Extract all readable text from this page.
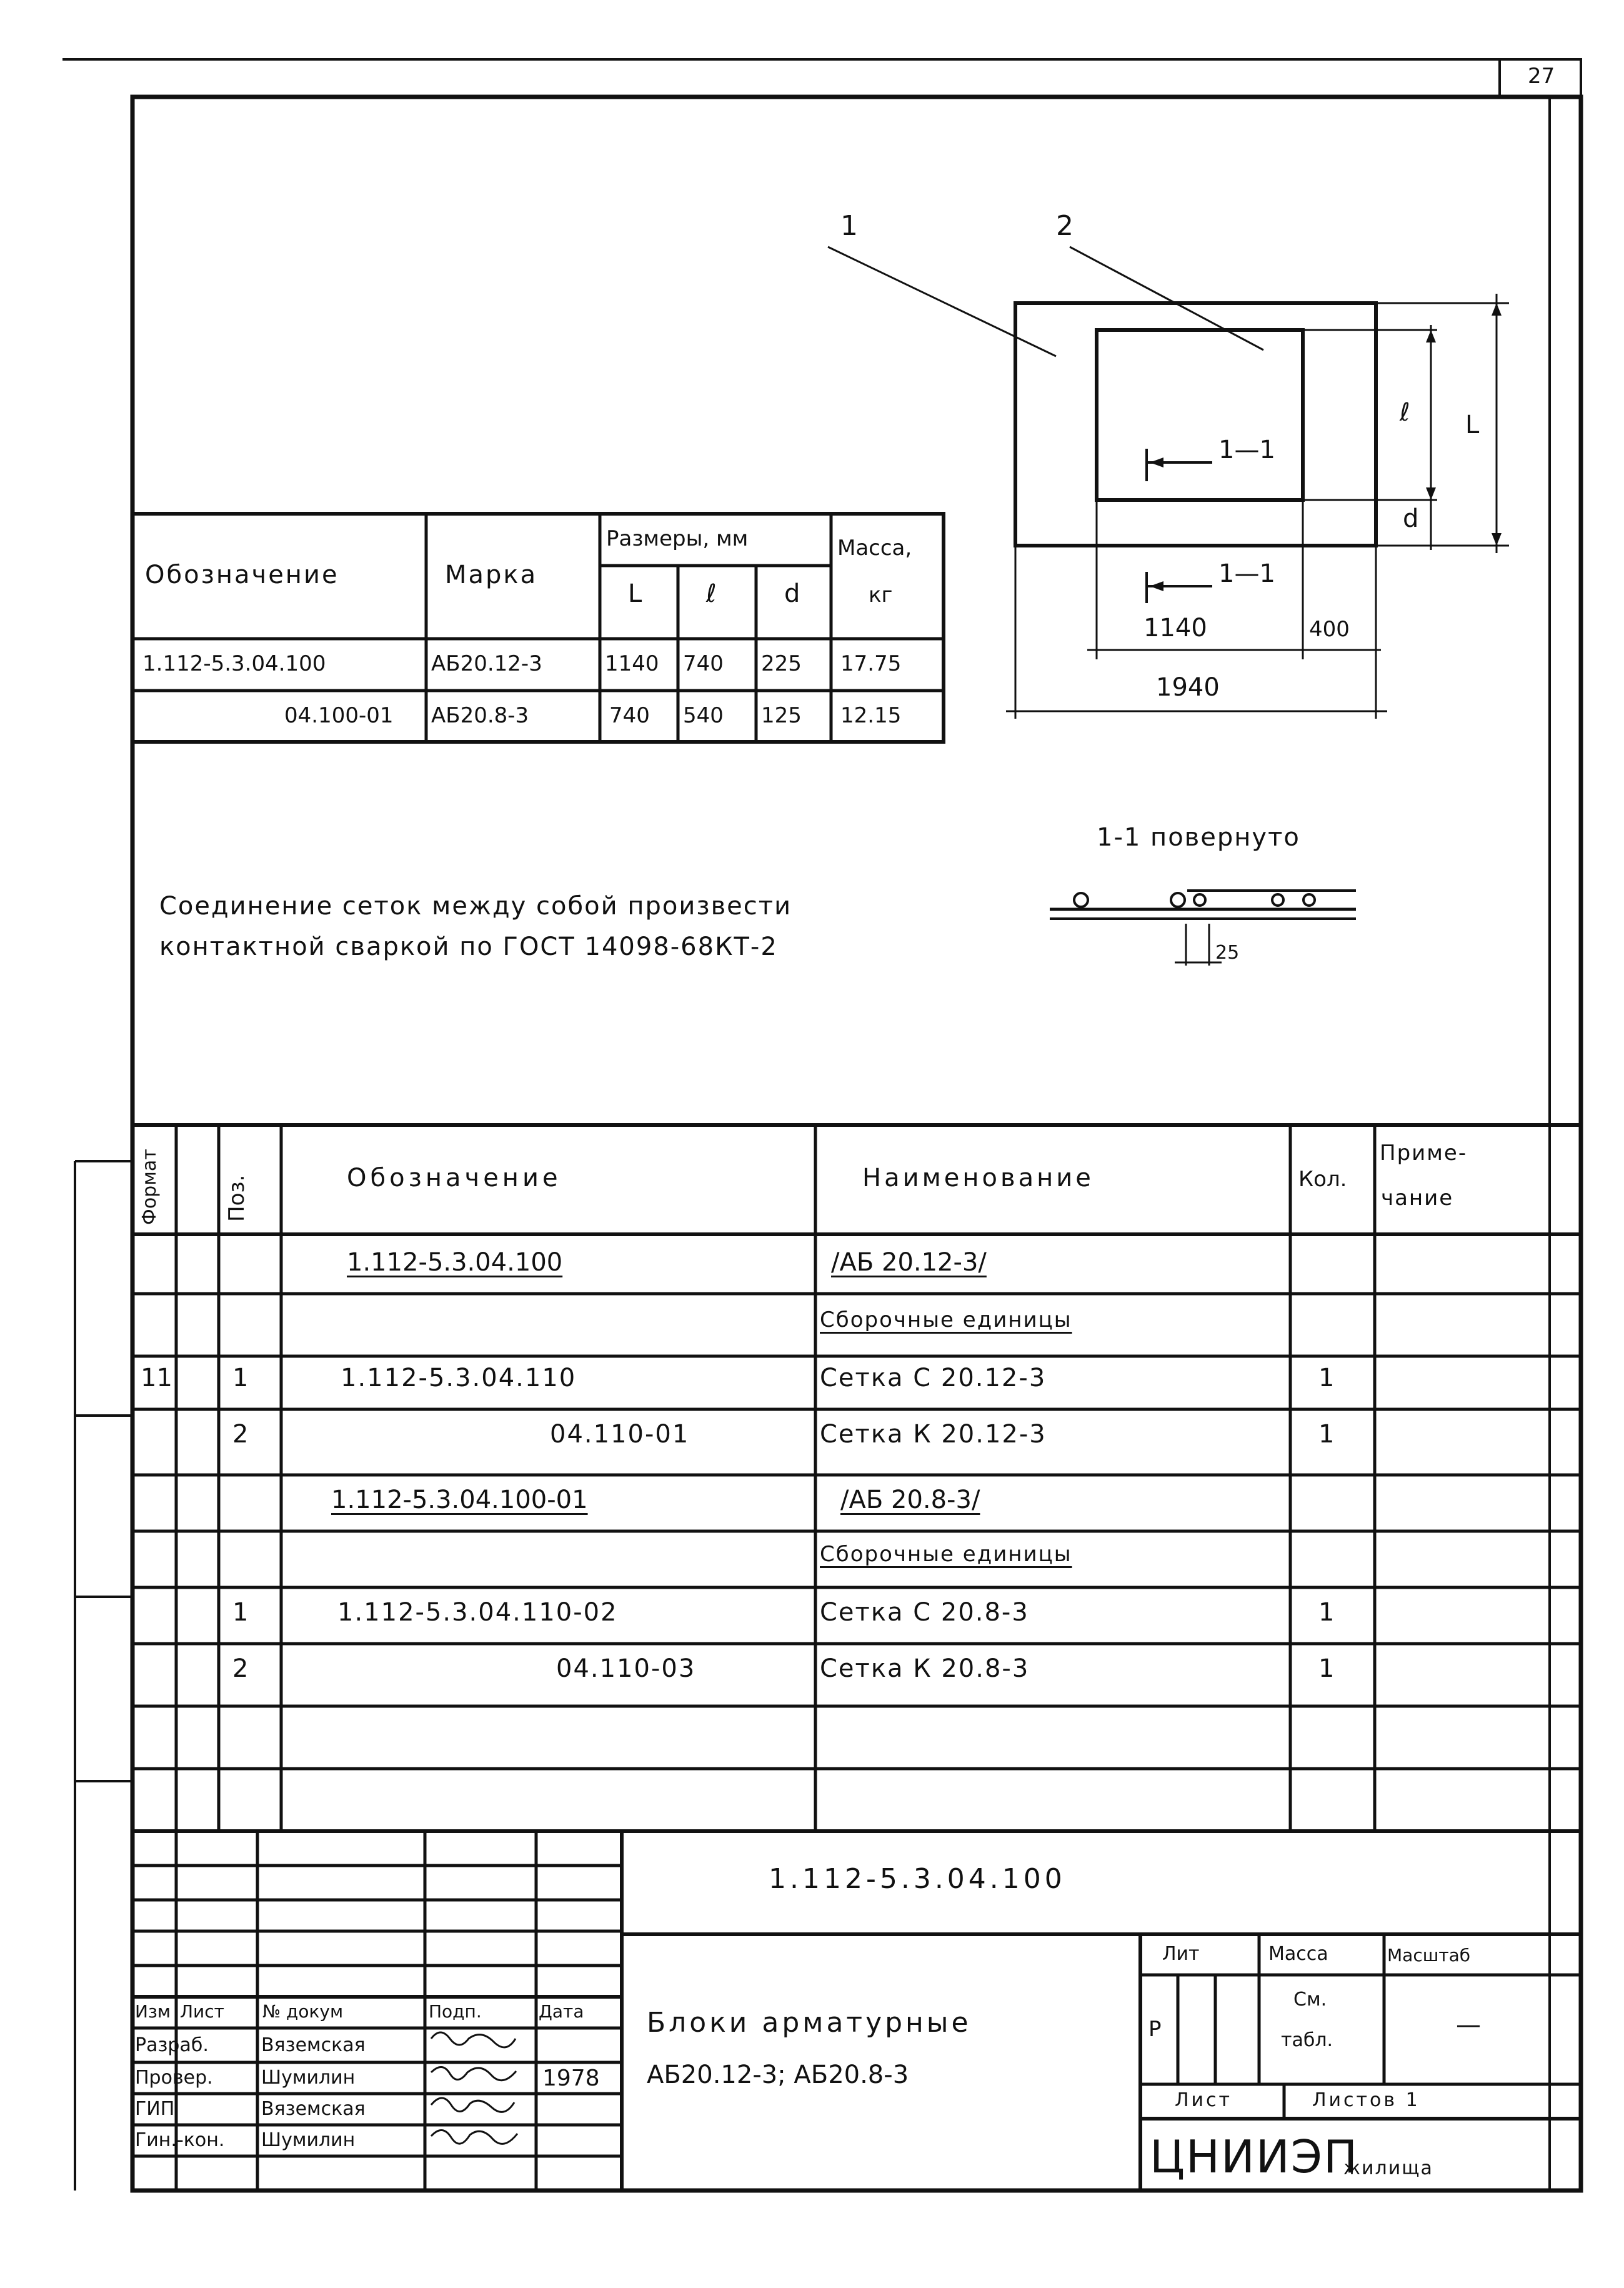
27
1	2
1—1
1—1
ℓ L
d
1140	400
1940
1-1 повернуто
25
Обозначение	Марка
Размеры, мм
L	ℓ	d
Масса,
кг
1.112-5.3.04.100	АБ20.12-3	1140 740 225 17.75
04.100-01 АБ20.8-3	740 540 125 12.15
Соединение сеток между собой произвести
контактной сваркой по ГОСТ 14098-68КТ-2
Формат	Поз.	Обозначение	Наименование	Кол.
Приме-
чание
1.112-5.3.04.100	/АБ 20.12-3/
Сборочные единицы
11 1	1.112-5.3.04.110	Сетка С 20.12-3	1
2	04.110-01	Сетка К 20.12-3	1
1.112-5.3.04.100-01	/АБ 20.8-3/
Сборочные единицы
1	1.112-5.3.04.110-02	Сетка С 20.8-3	1
2	04.110-03	Сетка К 20.8-3	1
1.112-5.3.04.100
Блоки арматурные
АБ20.12-3; АБ20.8-3
Лит	Масса	Масштаб
Р
См.
табл.
—
Лист	Листов 1
ЦНИИЭП
жилища
Изм Лист № докум	Подп.	Дата
Разраб.	Вяземская
Провер.	Шумилин	1978
ГИП	Вяземская
Гин.-кон. Шумилин
